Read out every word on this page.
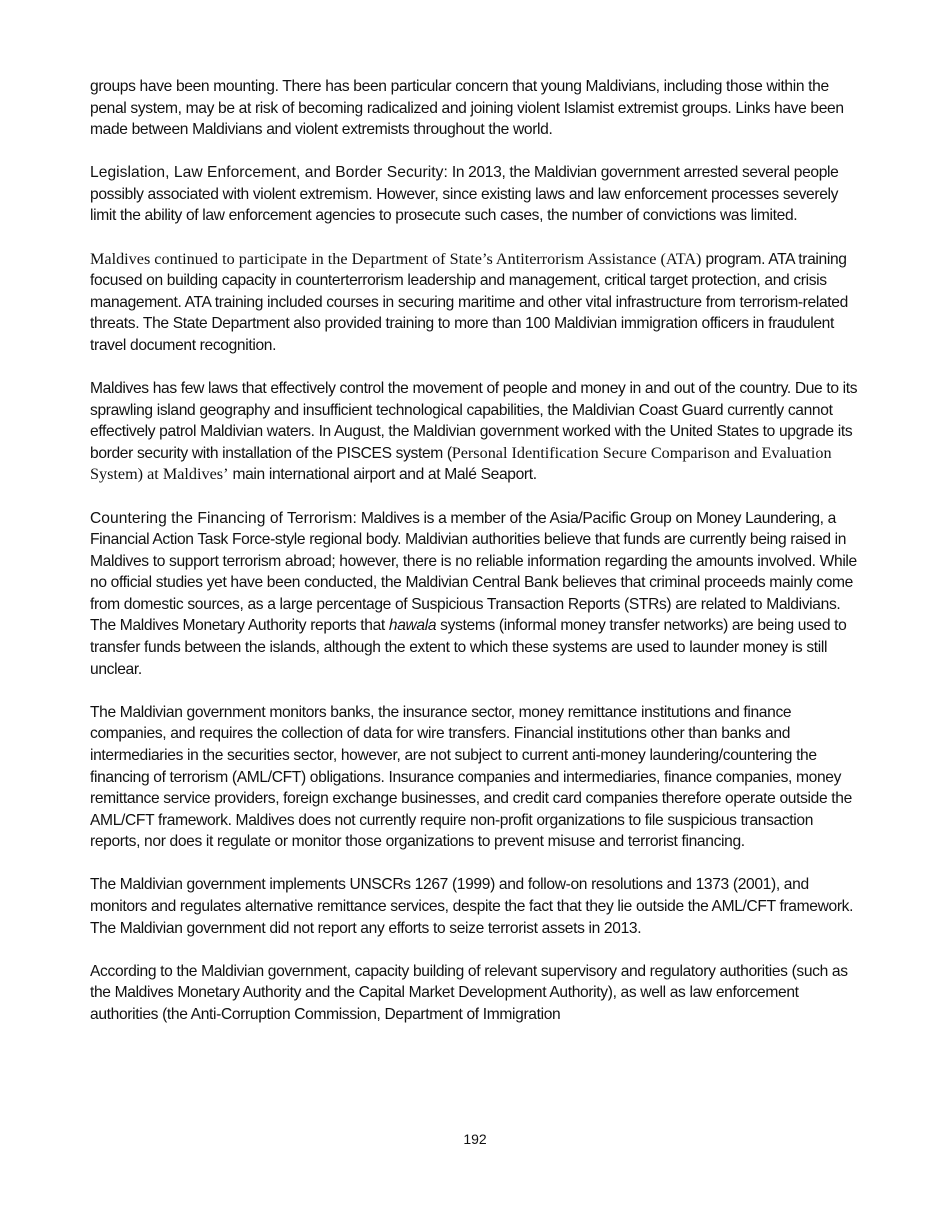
groups have been mounting. There has been particular concern that young Maldivians, including those within the penal system, may be at risk of becoming radicalized and joining violent Islamist extremist groups. Links have been made between Maldivians and violent extremists throughout the world.

Legislation, Law Enforcement, and Border Security: In 2013, the Maldivian government arrested several people possibly associated with violent extremism. However, since existing laws and law enforcement processes severely limit the ability of law enforcement agencies to prosecute such cases, the number of convictions was limited.

Maldives continued to participate in the Department of State’s Antiterrorism Assistance (ATA) program. ATA training focused on building capacity in counterterrorism leadership and management, critical target protection, and crisis management. ATA training included courses in securing maritime and other vital infrastructure from terrorism-related threats. The State Department also provided training to more than 100 Maldivian immigration officers in fraudulent travel document recognition.

Maldives has few laws that effectively control the movement of people and money in and out of the country. Due to its sprawling island geography and insufficient technological capabilities, the Maldivian Coast Guard currently cannot effectively patrol Maldivian waters. In August, the Maldivian government worked with the United States to upgrade its border security with installation of the PISCES system (Personal Identification Secure Comparison and Evaluation System) at Maldives’ main international airport and at Malé Seaport.

Countering the Financing of Terrorism: Maldives is a member of the Asia/Pacific Group on Money Laundering, a Financial Action Task Force-style regional body. Maldivian authorities believe that funds are currently being raised in Maldives to support terrorism abroad; however, there is no reliable information regarding the amounts involved. While no official studies yet have been conducted, the Maldivian Central Bank believes that criminal proceeds mainly come from domestic sources, as a large percentage of Suspicious Transaction Reports (STRs) are related to Maldivians. The Maldives Monetary Authority reports that hawala systems (informal money transfer networks) are being used to transfer funds between the islands, although the extent to which these systems are used to launder money is still unclear.

The Maldivian government monitors banks, the insurance sector, money remittance institutions and finance companies, and requires the collection of data for wire transfers. Financial institutions other than banks and intermediaries in the securities sector, however, are not subject to current anti-money laundering/countering the financing of terrorism (AML/CFT) obligations. Insurance companies and intermediaries, finance companies, money remittance service providers, foreign exchange businesses, and credit card companies therefore operate outside the AML/CFT framework. Maldives does not currently require non-profit organizations to file suspicious transaction reports, nor does it regulate or monitor those organizations to prevent misuse and terrorist financing.

The Maldivian government implements UNSCRs 1267 (1999) and follow-on resolutions and 1373 (2001), and monitors and regulates alternative remittance services, despite the fact that they lie outside the AML/CFT framework. The Maldivian government did not report any efforts to seize terrorist assets in 2013.

According to the Maldivian government, capacity building of relevant supervisory and regulatory authorities (such as the Maldives Monetary Authority and the Capital Market Development Authority), as well as law enforcement authorities (the Anti-Corruption Commission, Department of Immigration

192
